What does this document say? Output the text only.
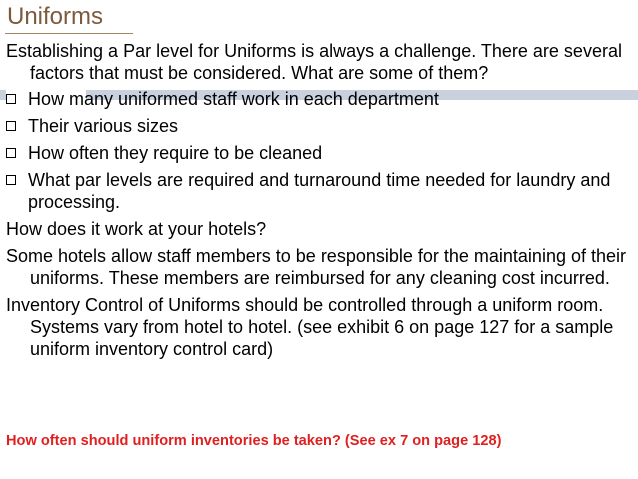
Uniforms
Establishing a Par level for Uniforms is always a challenge. There are several factors that must be considered. What are some of them?
How many uniformed staff work in each department
Their various sizes
How often they require to be cleaned
What par levels are required and turnaround time needed for laundry and processing.
How does it work at your hotels?
Some hotels allow staff members to be responsible for the maintaining of their uniforms. These members are reimbursed for any cleaning cost incurred.
Inventory Control of Uniforms should be controlled through a uniform room. Systems vary from hotel to hotel. (see exhibit 6 on page 127 for a sample uniform inventory control card)
How often should uniform inventories be taken? (See ex 7 on page 128)
